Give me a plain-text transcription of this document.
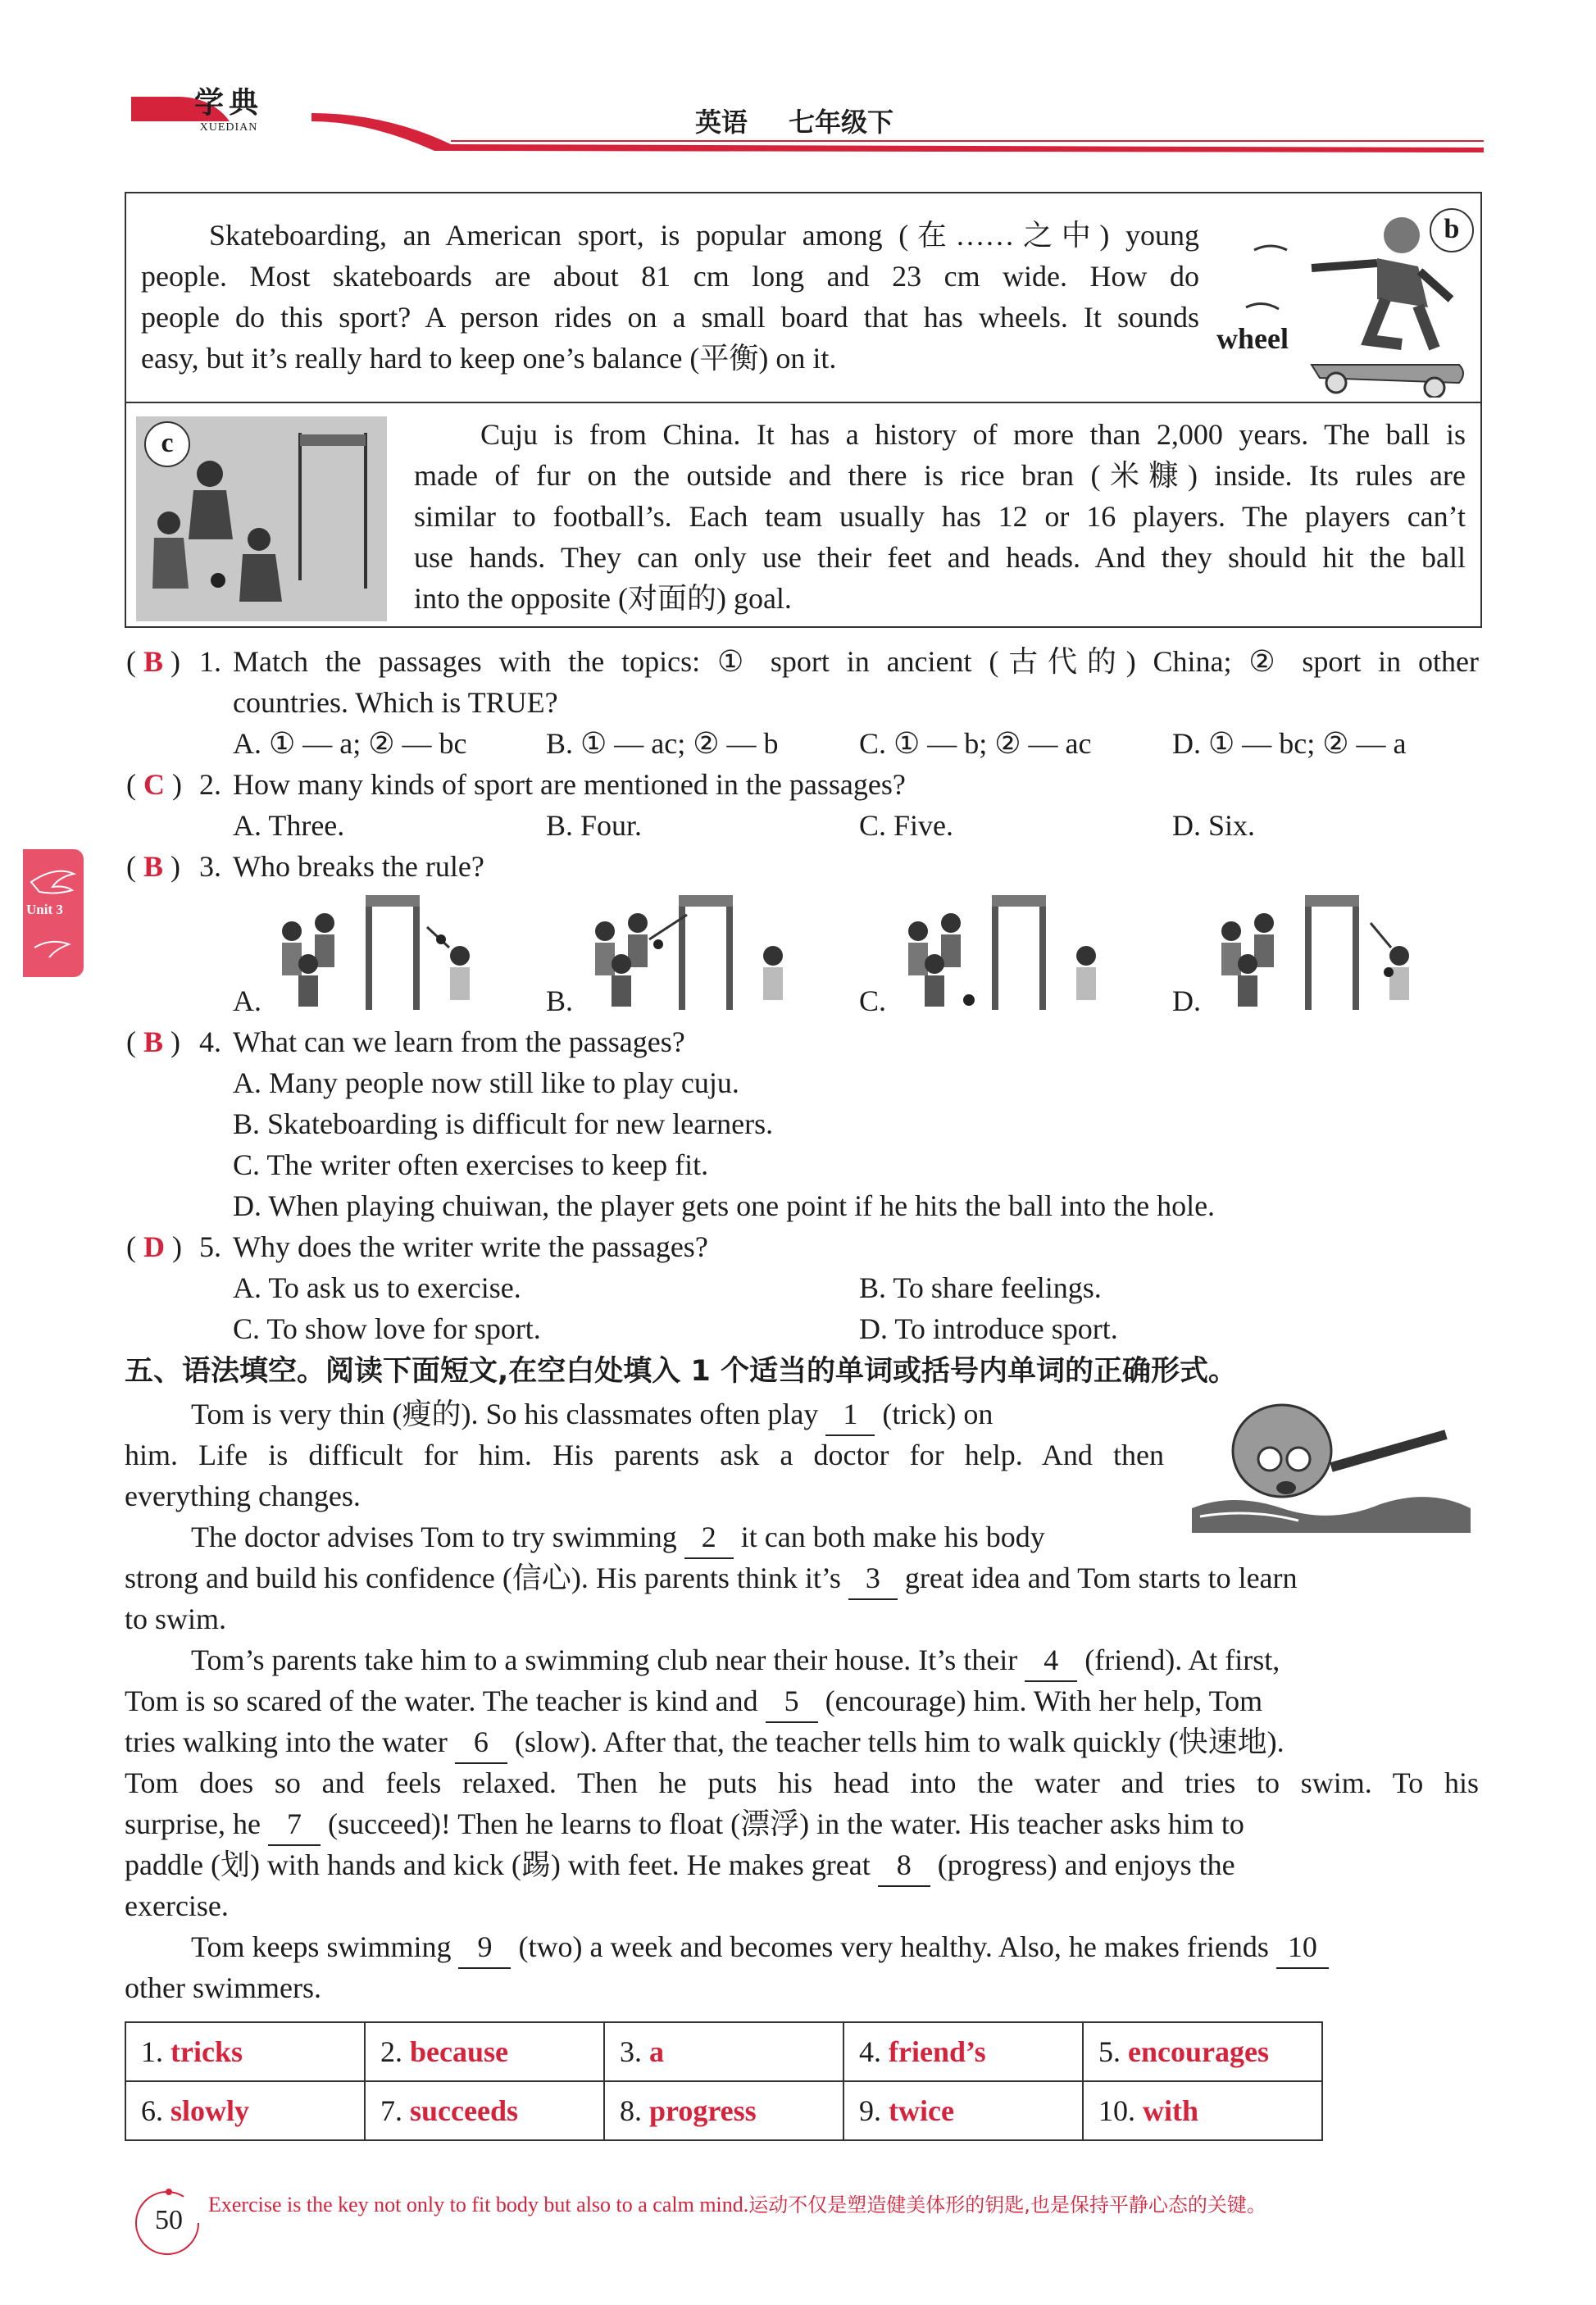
学典
XUEDIAN	英语 七年级下
Unit 3
Skateboarding, an American sport, is popular among (在……之中) young
people. Most skateboards are about 81 cm long and 23 cm wide. How do
people do this sport? A person rides on a small board that has wheels. It sounds
easy, but it’s really hard to keep one’s balance (平衡) on it.
wheel
b
c	Cuju is from China. It has a history of more than 2,000 years. The ball is
made of fur on the outside and there is rice bran (米糠) inside. Its rules are
similar to football’s. Each team usually has 12 or 16 players. The players can’t
use hands. They can only use their feet and heads. And they should hit the ball
into the opposite (对面的) goal.
( B ) 1. Match the passages with the topics: ① sport in ancient (古代的) China; ② sport in other
countries. Which is TRUE?
A. ① — a; ② — bc	B. ① — ac; ② — b	C. ① — b; ② — ac	D. ① — bc; ② — a
( C ) 2. How many kinds of sport are mentioned in the passages?
A. Three.	B. Four.	C. Five.	D. Six.
( B ) 3. Who breaks the rule?
A.	B.	C.	D.
( B ) 4. What can we learn from the passages?
A. Many people now still like to play cuju.
B. Skateboarding is difficult for new learners.
C. The writer often exercises to keep fit.
D. When playing chuiwan, the player gets one point if he hits the ball into the hole.
( D ) 5. Why does the writer write the passages?
A. To ask us to exercise.	B. To share feelings.
C. To show love for sport.	D. To introduce sport.
五、语法填空。阅读下面短文,在空白处填入 1 个适当的单词或括号内单词的正确形式。
Tom is very thin (瘦的). So his classmates often play 1 (trick) on
him. Life is difficult for him. His parents ask a doctor for help. And then
everything changes.
The doctor advises Tom to try swimming 2 it can both make his body
strong and build his confidence (信心). His parents think it’s 3 great idea and Tom starts to learn
to swim.
Tom’s parents take him to a swimming club near their house. It’s their 4 (friend). At first,
Tom is so scared of the water. The teacher is kind and 5 (encourage) him. With her help, Tom
tries walking into the water 6 (slow). After that, the teacher tells him to walk quickly (快速地).
Tom does so and feels relaxed. Then he puts his head into the water and tries to swim. To his
surprise, he 7 (succeed)! Then he learns to float (漂浮) in the water. His teacher asks him to
paddle (划) with hands and kick (踢) with feet. He makes great 8 (progress) and enjoys the
exercise.
Tom keeps swimming 9 (two) a week and becomes very healthy. Also, he makes friends 10
other swimmers.
1. tricks	2. because	3. a	4. friend’s	5. encourages
6. slowly	7. succeeds	8. progress	9. twice	10. with
50
Exercise is the key not only to fit body but also to a calm mind.运动不仅是塑造健美体形的钥匙,也是保持平静心态的关键。
